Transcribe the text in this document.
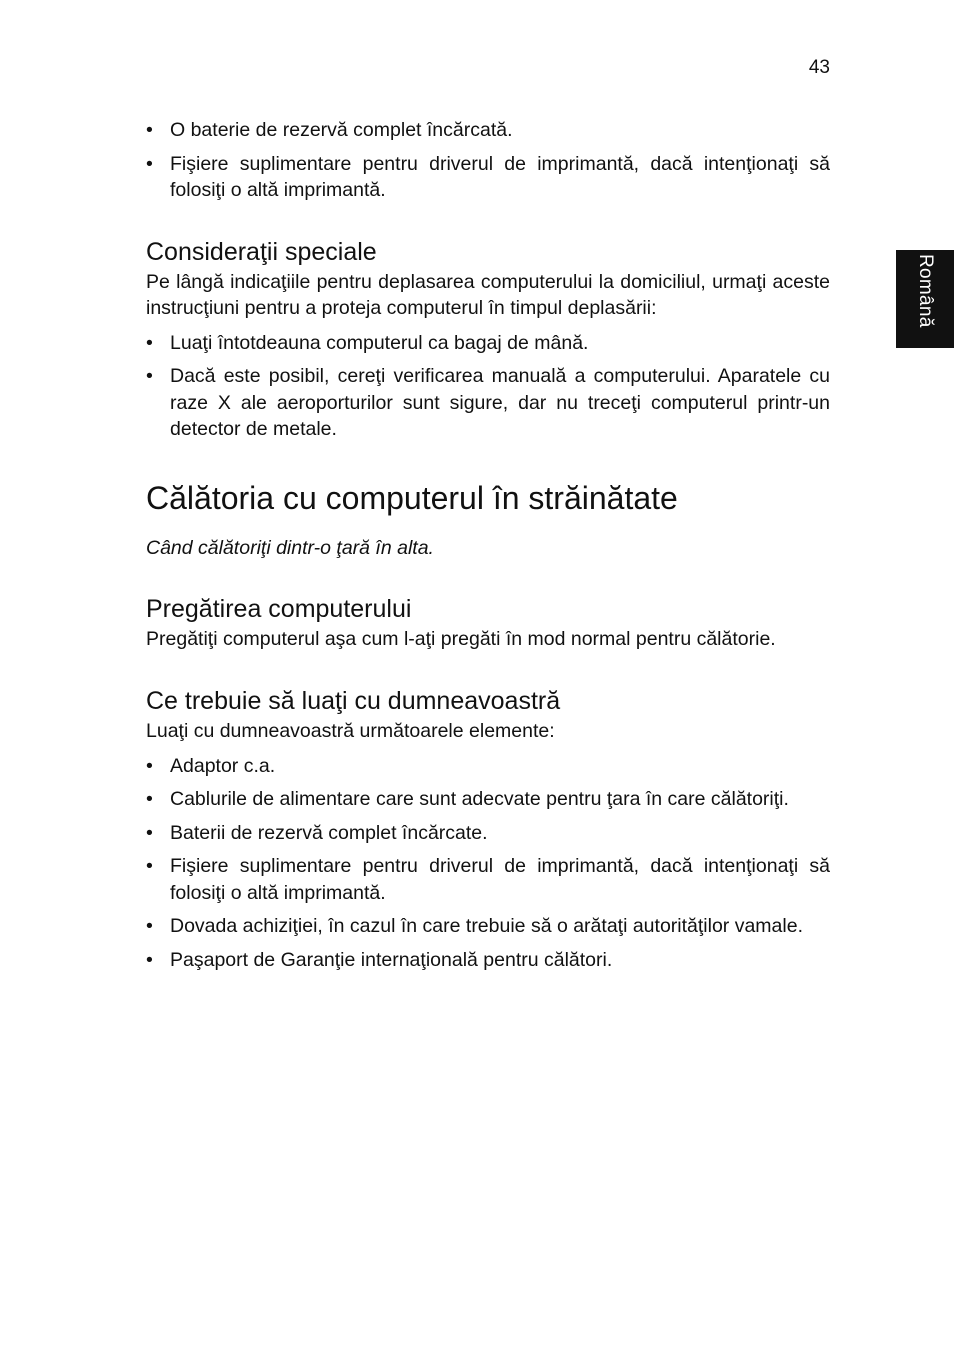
43
Română
• O baterie de rezervă complet încărcată.
• Fişiere suplimentare pentru driverul de imprimantă, dacă intenţionaţi să folosiţi o altă imprimantă.
Consideraţii speciale

Pe lângă indicaţiile pentru deplasarea computerului la domiciliul, urmaţi aceste instrucţiuni pentru a proteja computerul în timpul deplasării:

• Luaţi întotdeauna computerul ca bagaj de mână.
• Dacă este posibil, cereţi verificarea manuală a computerului. Aparatele cu raze X ale aeroporturilor sunt sigure, dar nu treceţi computerul printr-un detector de metale.
Călătoria cu computerul în străinătate

Când călătoriţi dintr-o ţară în alta.

Pregătirea computerului

Pregătiţi computerul aşa cum l-aţi pregăti în mod normal pentru călătorie.

Ce trebuie să luaţi cu dumneavoastră

Luaţi cu dumneavoastră următoarele elemente:

• Adaptor c.a.
• Cablurile de alimentare care sunt adecvate pentru ţara în care călătoriţi.
• Baterii de rezervă complet încărcate.
• Fişiere suplimentare pentru driverul de imprimantă, dacă intenţionaţi să folosiţi o altă imprimantă.
• Dovada achiziţiei, în cazul în care trebuie să o arătaţi autorităţilor vamale.
• Paşaport de Garanţie internaţională pentru călători.
